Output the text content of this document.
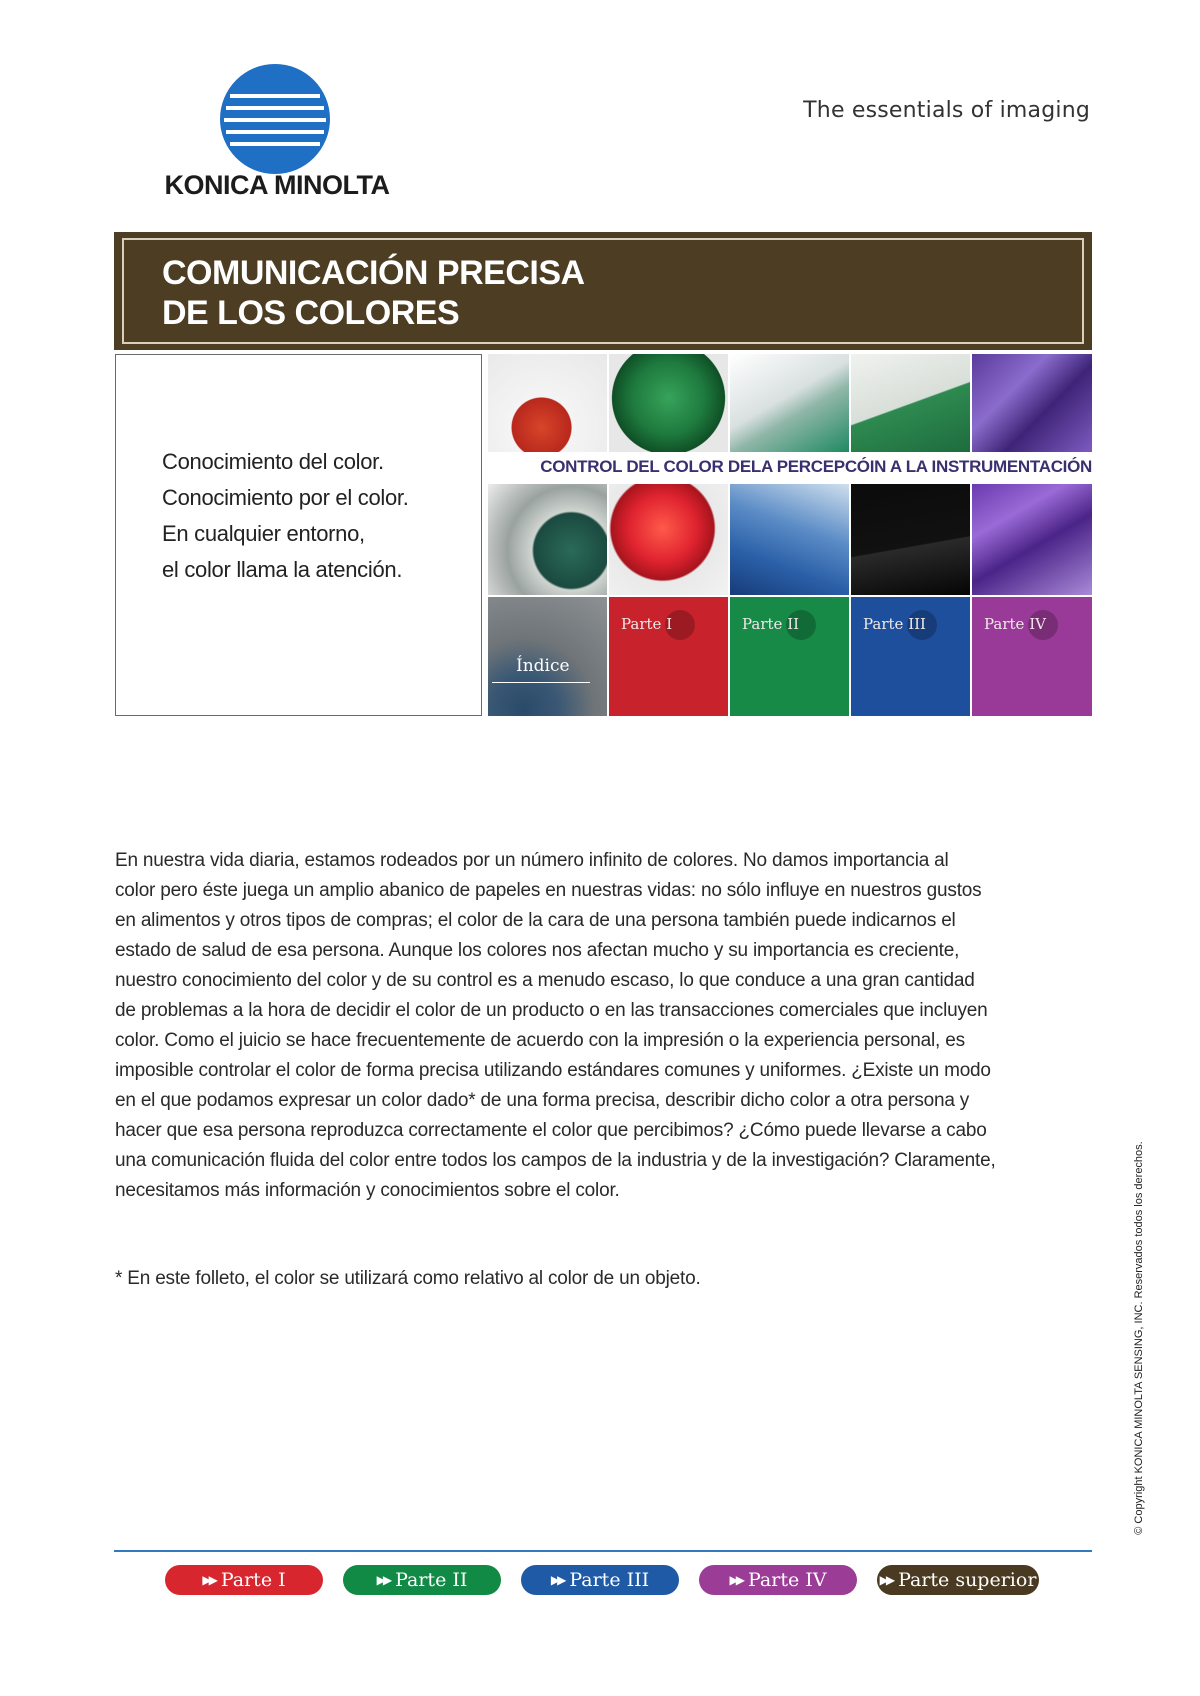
KONICA MINOLTA
The essentials of imaging
COMUNICACIÓN PRECISA
DE LOS COLORES
Conocimiento del color.
Conocimiento por el color.
En cualquier entorno,
el color llama la atención.
CONTROL DEL COLOR DELA PERCEPCÓIN A LA INSTRUMENTACIÓN
Índice
Parte I	Parte II	Parte III	Parte IV
En nuestra vida diaria, estamos rodeados por un número infinito de colores. No damos importancia al
color pero éste juega un amplio abanico de papeles en nuestras vidas: no sólo influye en nuestros gustos
en alimentos y otros tipos de compras; el color de la cara de una persona también puede indicarnos el
estado de salud de esa persona. Aunque los colores nos afectan mucho y su importancia es creciente,
nuestro conocimiento del color y de su control es a menudo escaso, lo que conduce a una gran cantidad
de problemas a la hora de decidir el color de un producto o en las transacciones comerciales que incluyen
color. Como el juicio se hace frecuentemente de acuerdo con la impresión o la experiencia personal, es
imposible controlar el color de forma precisa utilizando estándares comunes y uniformes. ¿Existe un modo
en el que podamos expresar un color dado* de una forma precisa, describir dicho color a otra persona y
hacer que esa persona reproduzca correctamente el color que percibimos? ¿Cómo puede llevarse a cabo
una comunicación fluida del color entre todos los campos de la industria y de la investigación? Claramente,
necesitamos más información y conocimientos sobre el color.
* En este folleto, el color se utilizará como relativo al color de un objeto.	© Copyright KONICA MINOLTA SENSING, INC. Reservados todos los derechos.
▶▶ Parte I	▶▶ Parte II	▶▶ Parte III	▶▶ Parte IV	▶▶ Parte superior
